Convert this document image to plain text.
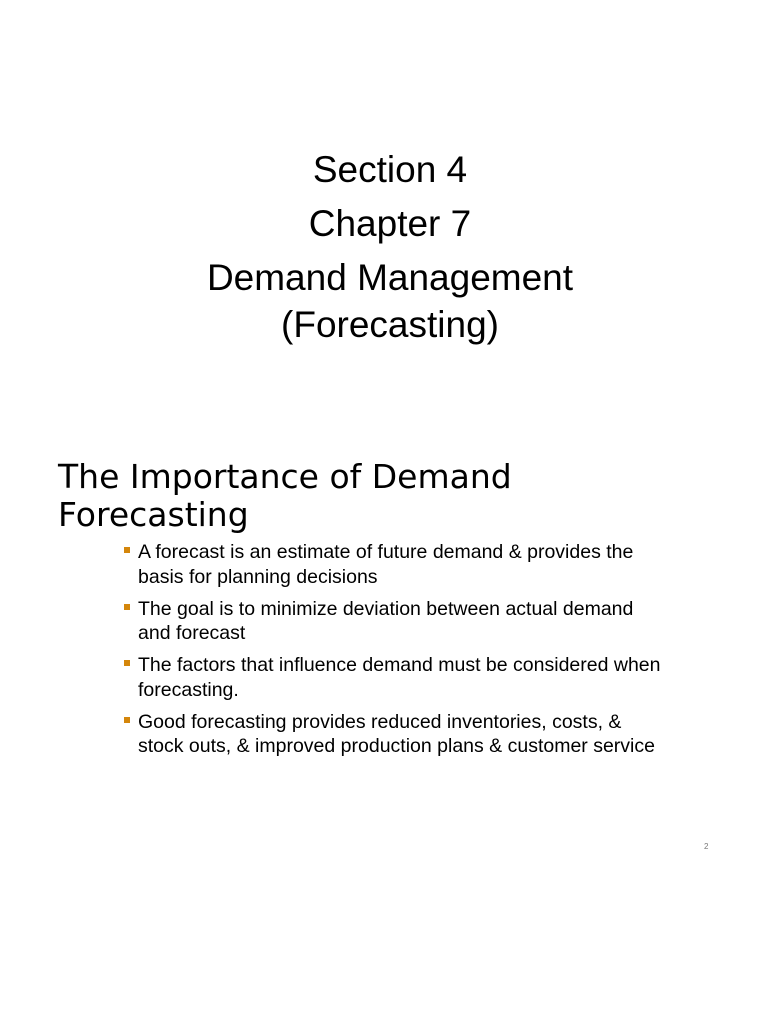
Section 4
Chapter 7
Demand Management
(Forecasting)
The Importance of Demand
Forecasting
A forecast is an estimate of future demand & provides the basis for planning decisions
The goal is to minimize deviation between actual demand and forecast
The factors that influence demand must be considered when forecasting.
Good forecasting provides reduced inventories, costs, & stock outs, & improved production plans & customer service
2
